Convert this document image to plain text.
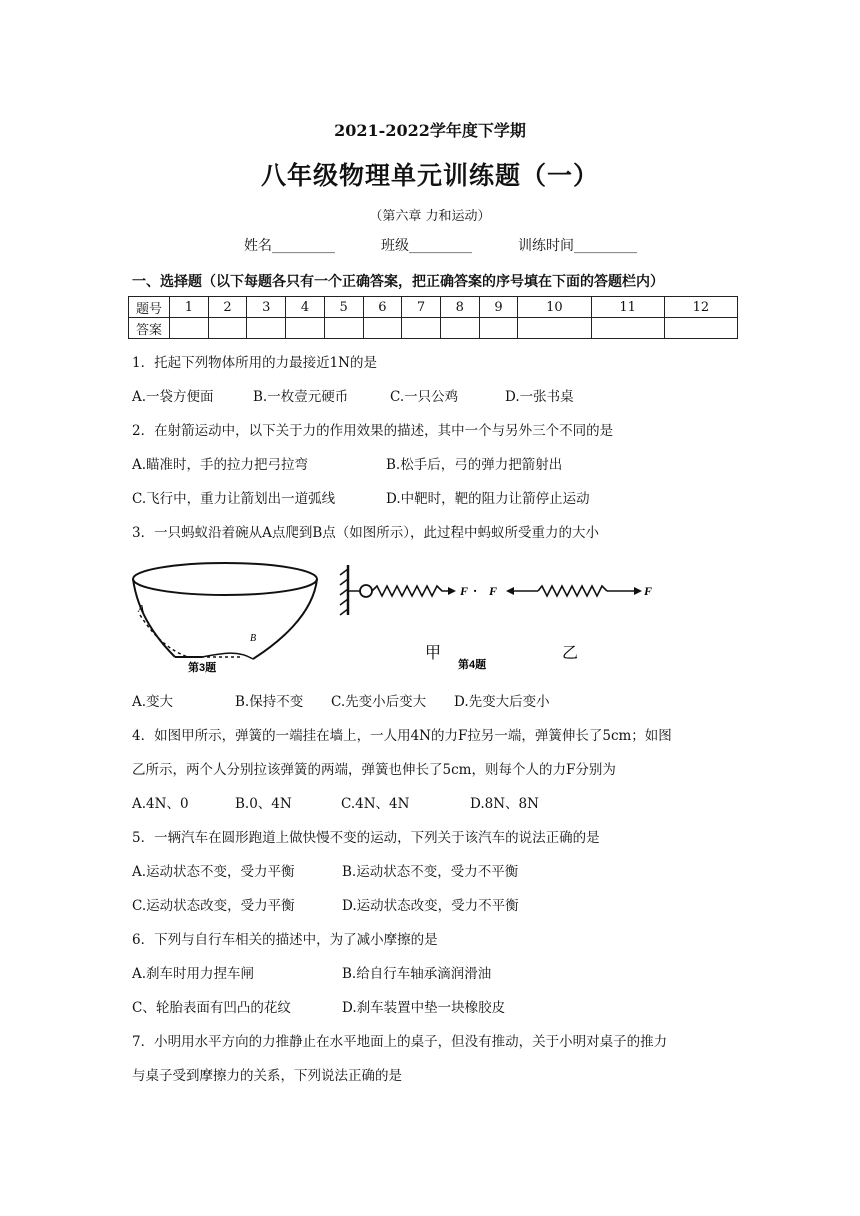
2021-2022学年度下学期
八年级物理单元训练题（一）
（第六章 力和运动）
姓名_________	班级_________	训练时间_________
一、选择题（以下每题各只有一个正确答案，把正确答案的序号填在下面的答题栏内）
题号	1	2	3	4	5	6	7	8	9	10	11	12
答案												
1．托起下列物体所用的力最接近1N的是
A.一袋方便面	B.一枚壹元硬币	C.一只公鸡	D.一张书桌
2．在射箭运动中，以下关于力的作用效果的描述，其中一个与另外三个不同的是
A.瞄准时，手的拉力把弓拉弯	B.松手后，弓的弹力把箭射出
C.飞行中，重力让箭划出一道弧线	D.中靶时，靶的阻力让箭停止运动
3．一只蚂蚁沿着碗从A点爬到B点（如图所示），此过程中蚂蚁所受重力的大小
A
B
第3题
F ·
甲
F	F
乙
第4题
A.变大	B.保持不变 C.先变小后变大 D.先变大后变小
4．如图甲所示，弹簧的一端挂在墙上，一人用4N的力F拉另一端，弹簧伸长了5cm；如图
乙所示，两个人分别拉该弹簧的两端，弹簧也伸长了5cm，则每个人的力F分别为
A.4N、0	B.0、4N	C.4N、4N	D.8N、8N
5．一辆汽车在圆形跑道上做快慢不变的运动，下列关于该汽车的说法正确的是
A.运动状态不变，受力平衡	B.运动状态不变，受力不平衡
C.运动状态改变，受力平衡	D.运动状态改变，受力不平衡
6．下列与自行车相关的描述中，为了减小摩擦的是
A.刹车时用力捏车闸	B.给自行车轴承滴润滑油
C、轮胎表面有凹凸的花纹	D.刹车装置中垫一块橡胶皮
7．小明用水平方向的力推静止在水平地面上的桌子，但没有推动，关于小明对桌子的推力
与桌子受到摩擦力的关系，下列说法正确的是
